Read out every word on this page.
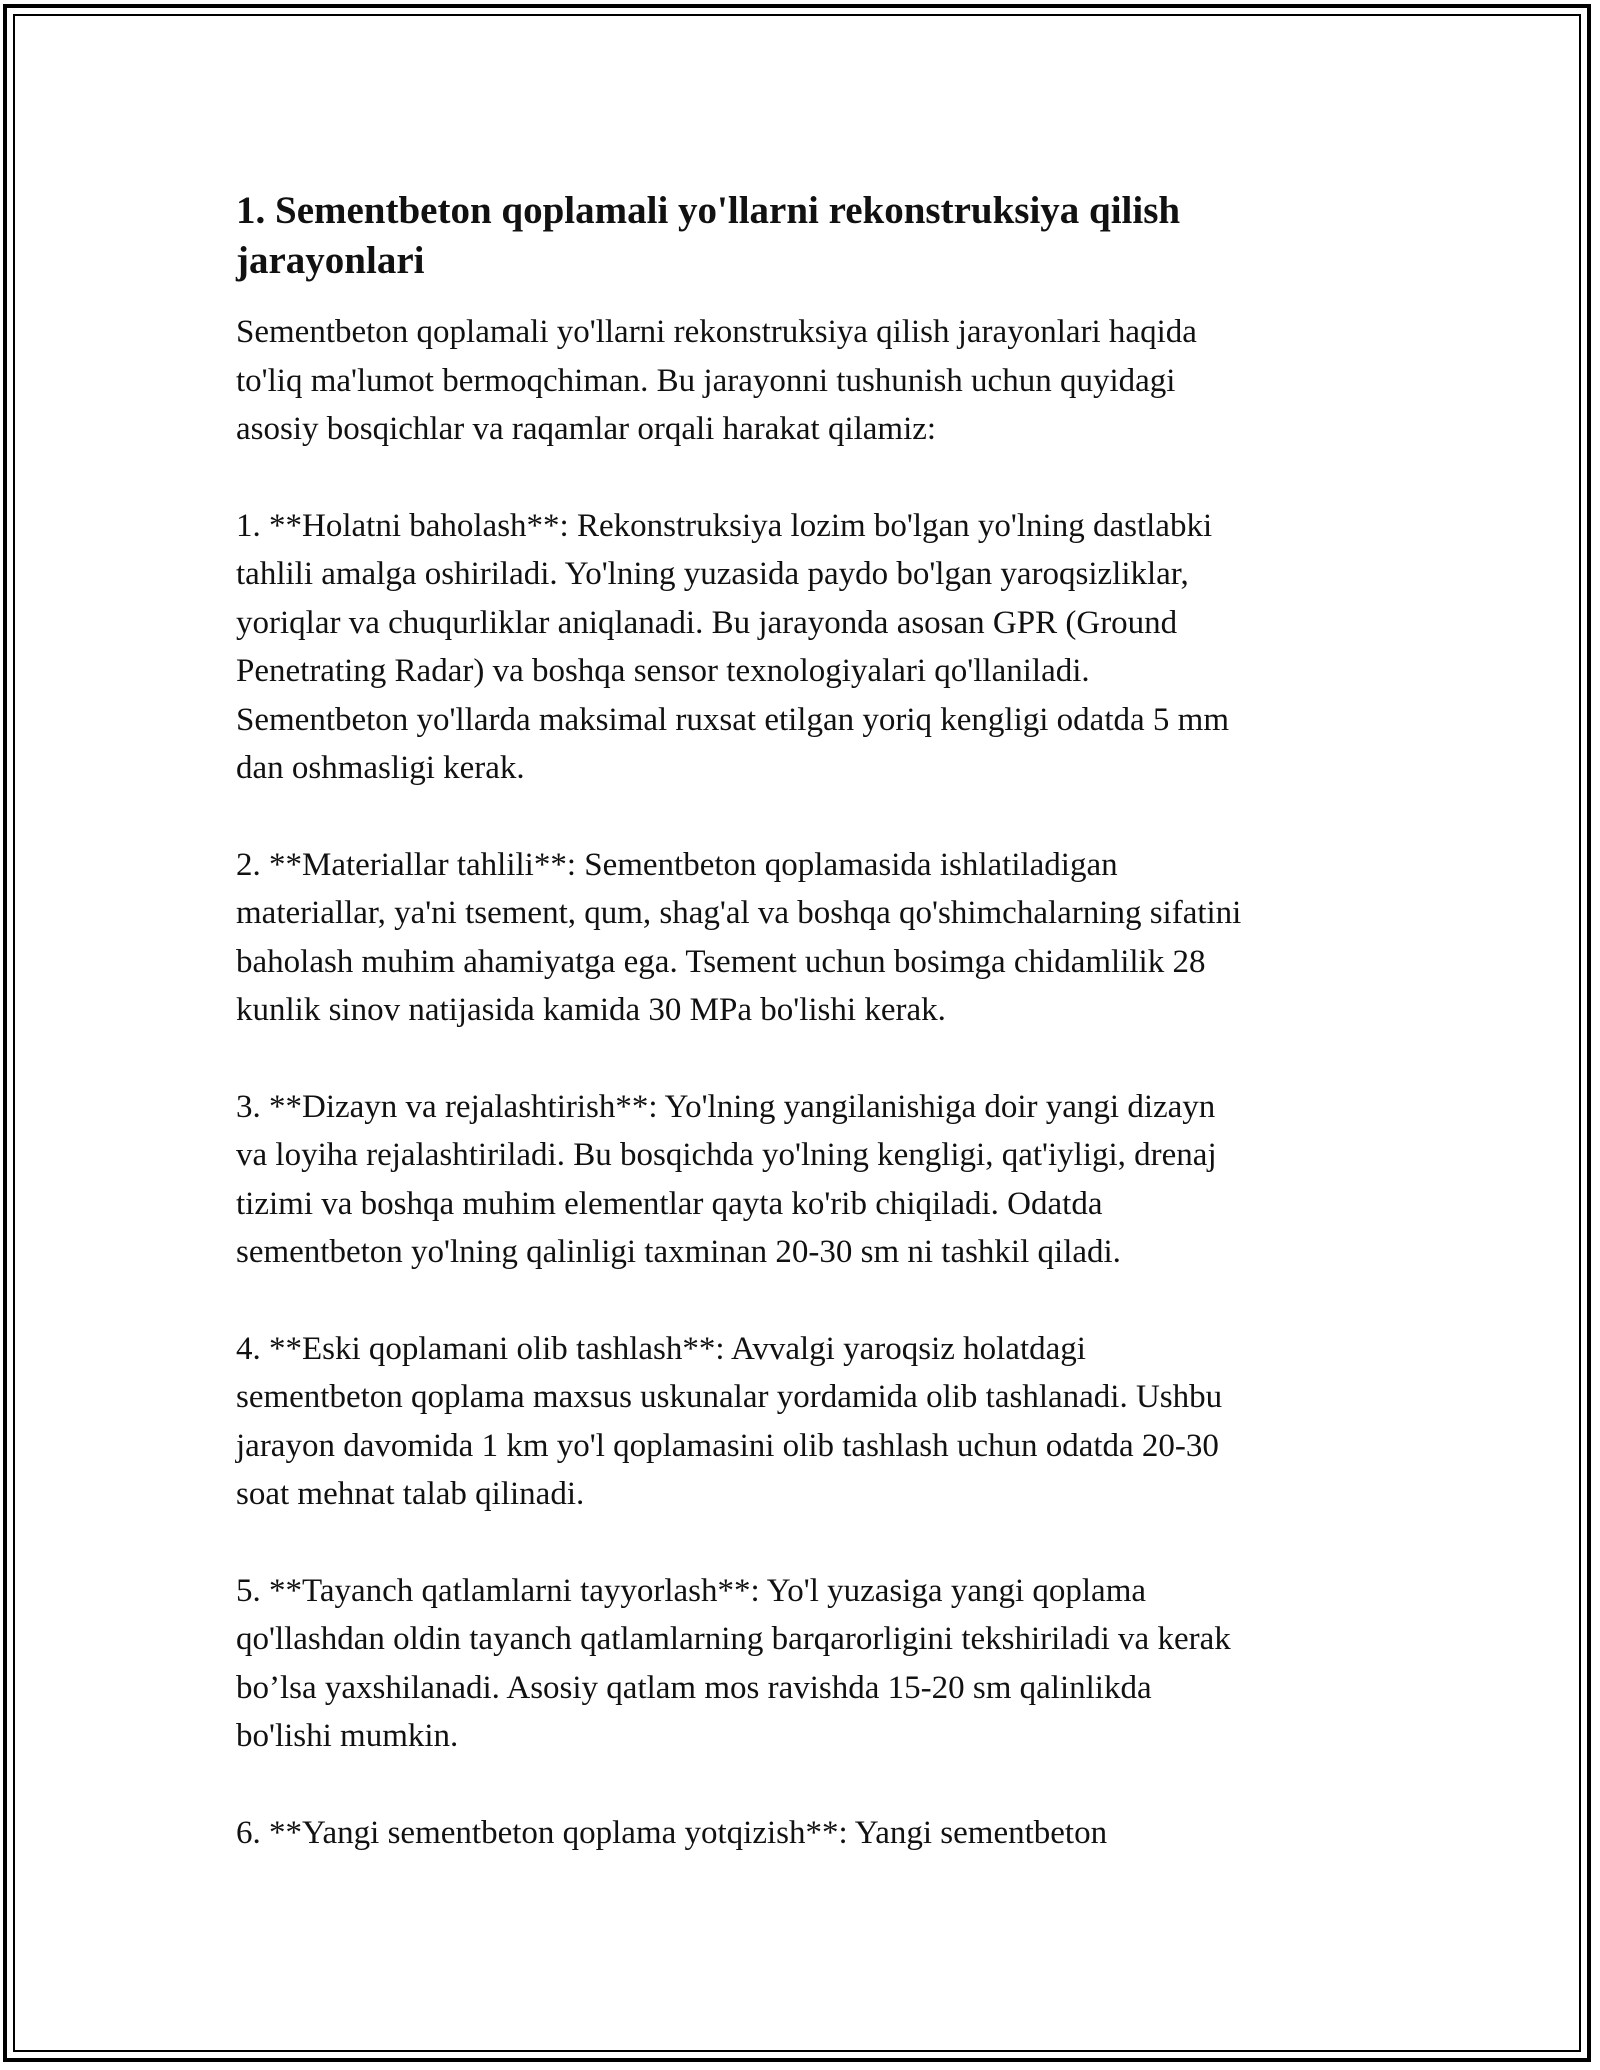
1. Sementbeton qoplamali yo'llarni rekonstruksiya qilish
jarayonlari

Sementbeton qoplamali yo'llarni rekonstruksiya qilish jarayonlari haqida
to'liq ma'lumot bermoqchiman. Bu jarayonni tushunish uchun quyidagi
asosiy bosqichlar va raqamlar orqali harakat qilamiz:

1. **Holatni baholash**: Rekonstruksiya lozim bo'lgan yo'lning dastlabki
tahlili amalga oshiriladi. Yo'lning yuzasida paydo bo'lgan yaroqsizliklar,
yoriqlar va chuqurliklar aniqlanadi. Bu jarayonda asosan GPR (Ground
Penetrating Radar) va boshqa sensor texnologiyalari qo'llaniladi.
Sementbeton yo'llarda maksimal ruxsat etilgan yoriq kengligi odatda 5 mm
dan oshmasligi kerak.

2. **Materiallar tahlili**: Sementbeton qoplamasida ishlatiladigan
materiallar, ya'ni tsement, qum, shag'al va boshqa qo'shimchalarning sifatini
baholash muhim ahamiyatga ega. Tsement uchun bosimga chidamlilik 28
kunlik sinov natijasida kamida 30 MPa bo'lishi kerak.

3. **Dizayn va rejalashtirish**: Yo'lning yangilanishiga doir yangi dizayn
va loyiha rejalashtiriladi. Bu bosqichda yo'lning kengligi, qat'iyligi, drenaj
tizimi va boshqa muhim elementlar qayta ko'rib chiqiladi. Odatda
sementbeton yo'lning qalinligi taxminan 20-30 sm ni tashkil qiladi.

4. **Eski qoplamani olib tashlash**: Avvalgi yaroqsiz holatdagi
sementbeton qoplama maxsus uskunalar yordamida olib tashlanadi. Ushbu
jarayon davomida 1 km yo'l qoplamasini olib tashlash uchun odatda 20-30
soat mehnat talab qilinadi.

5. **Tayanch qatlamlarni tayyorlash**: Yo'l yuzasiga yangi qoplama
qo'llashdan oldin tayanch qatlamlarning barqarorligini tekshiriladi va kerak
bo’lsa yaxshilanadi. Asosiy qatlam mos ravishda 15-20 sm qalinlikda
bo'lishi mumkin.

6. **Yangi sementbeton qoplama yotqizish**: Yangi sementbeton
